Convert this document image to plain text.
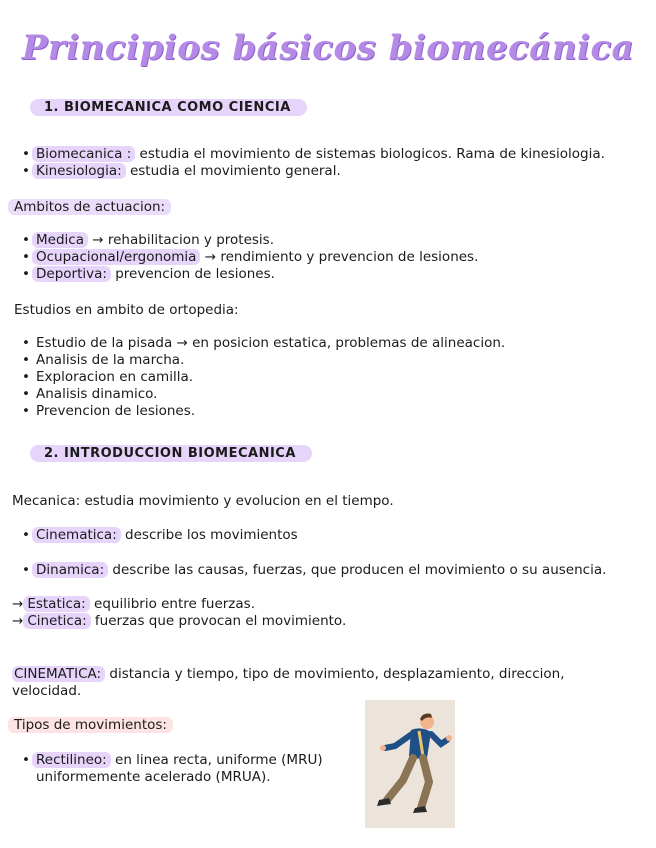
Principios básicos biomecánica
1. BIOMECANICA COMO CIENCIA
• Biomecanica : estudia el movimiento de sistemas biologicos. Rama de kinesiologia.
• Kinesiologia: estudia el movimiento general.
Ambitos de actuacion:
• Medica → rehabilitacion y protesis.
• Ocupacional/ergonomia → rendimiento y prevencion de lesiones.
• Deportiva: prevencion de lesiones.
Estudios en ambito de ortopedia:
• Estudio de la pisada → en posicion estatica, problemas de alineacion.
• Analisis de la marcha.
• Exploracion en camilla.
• Analisis dinamico.
• Prevencion de lesiones.
2. INTRODUCCION BIOMECANICA
Mecanica: estudia movimiento y evolucion en el tiempo.
• Cinematica: describe los movimientos
• Dinamica: describe las causas, fuerzas, que producen el movimiento o su ausencia.
→ Estatica: equilibrio entre fuerzas.
→ Cinetica: fuerzas que provocan el movimiento.
CINEMATICA: distancia y tiempo, tipo de movimiento, desplazamiento, direccion,
velocidad.
Tipos de movimientos:
• Rectilineo: en linea recta, uniforme (MRU)
uniformemente acelerado (MRUA).
